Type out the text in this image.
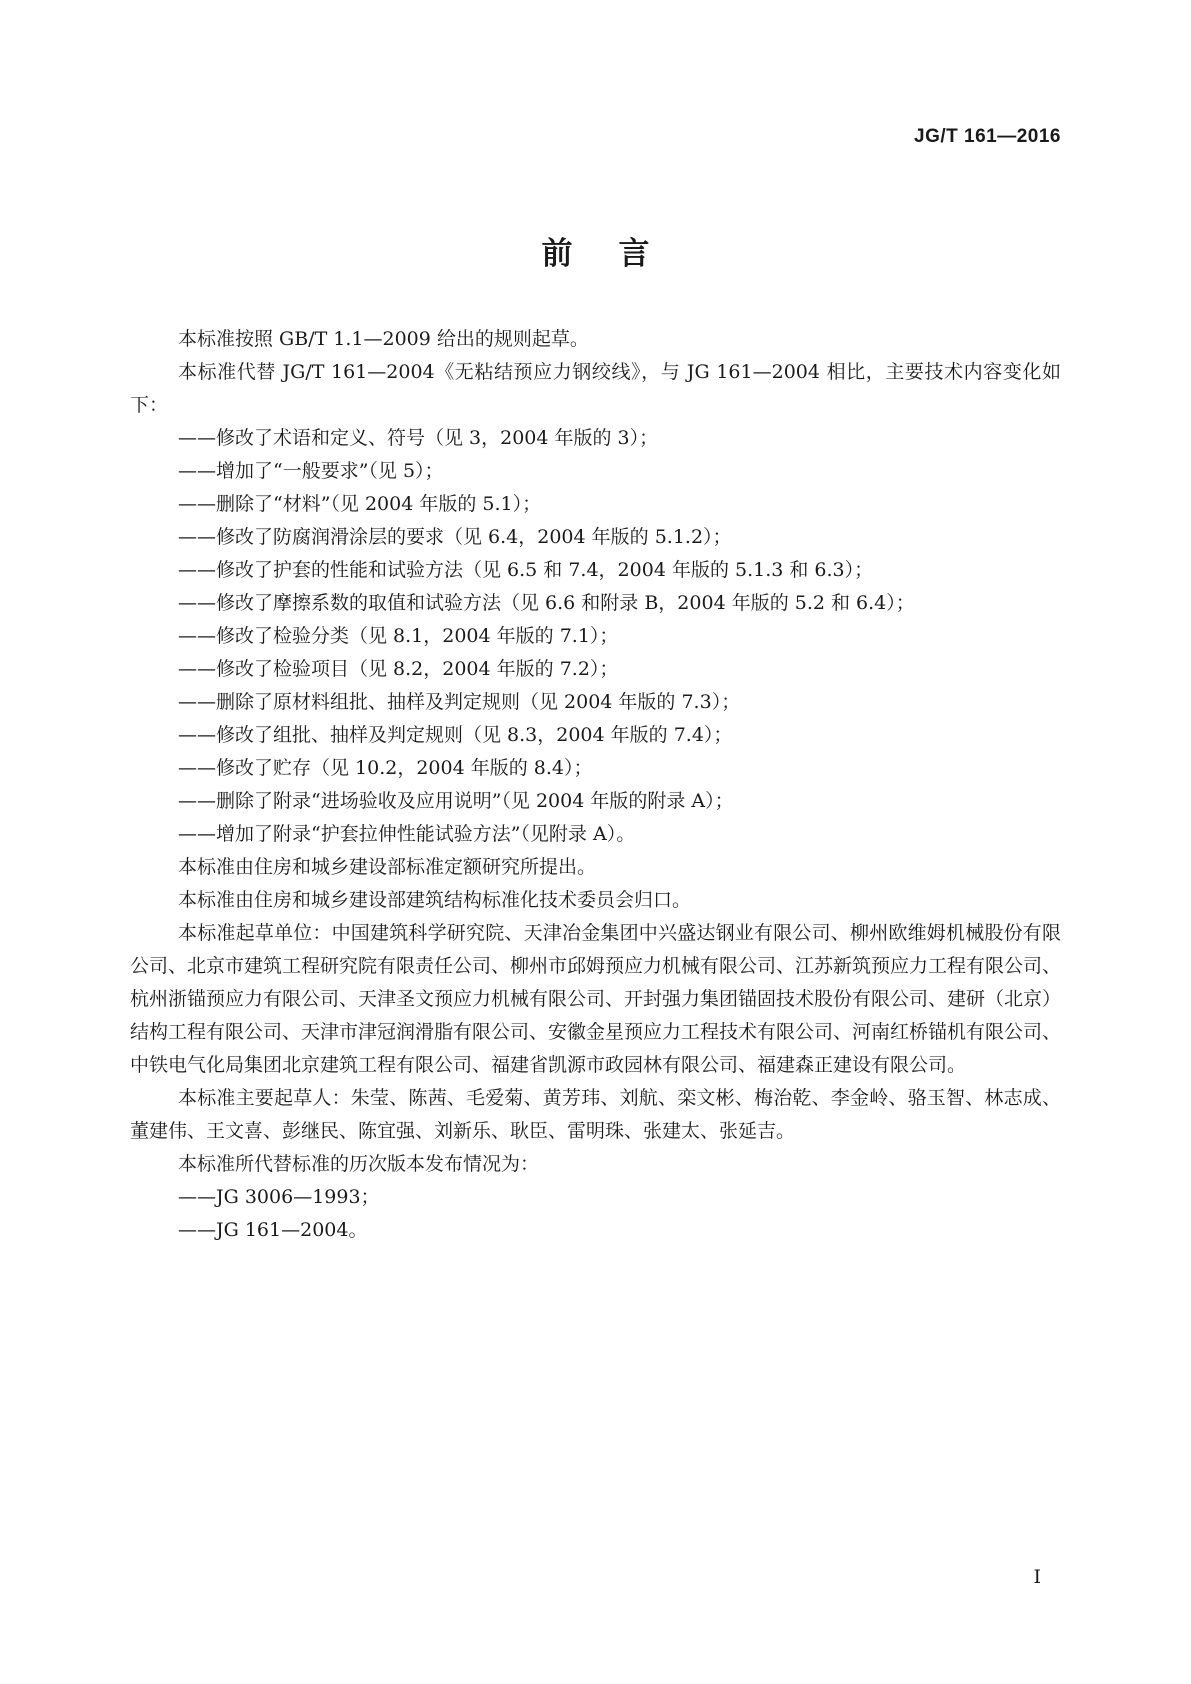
JG/T 161—2016
前言

本标准按照 GB/T 1.1—2009 给出的规则起草。

本标准代替 JG/T 161—2004《无粘结预应力钢绞线》，与 JG 161—2004 相比，主要技术内容变化如下：

——修改了术语和定义、符号（见 3，2004 年版的 3）；

——增加了“一般要求”（见 5）；

——删除了“材料”（见 2004 年版的 5.1）；

——修改了防腐润滑涂层的要求（见 6.4，2004 年版的 5.1.2）；

——修改了护套的性能和试验方法（见 6.5 和 7.4，2004 年版的 5.1.3 和 6.3）；

——修改了摩擦系数的取值和试验方法（见 6.6 和附录 B，2004 年版的 5.2 和 6.4）；

——修改了检验分类（见 8.1，2004 年版的 7.1）；

——修改了检验项目（见 8.2，2004 年版的 7.2）；

——删除了原材料组批、抽样及判定规则（见 2004 年版的 7.3）；

——修改了组批、抽样及判定规则（见 8.3，2004 年版的 7.4）；

——修改了贮存（见 10.2，2004 年版的 8.4）；

——删除了附录“进场验收及应用说明”（见 2004 年版的附录 A）；

——增加了附录“护套拉伸性能试验方法”（见附录 A）。

本标准由住房和城乡建设部标准定额研究所提出。

本标准由住房和城乡建设部建筑结构标准化技术委员会归口。

本标准起草单位：中国建筑科学研究院、天津冶金集团中兴盛达钢业有限公司、柳州欧维姆机械股份有限公司、北京市建筑工程研究院有限责任公司、柳州市邱姆预应力机械有限公司、江苏新筑预应力工程有限公司、杭州浙锚预应力有限公司、天津圣文预应力机械有限公司、开封强力集团锚固技术股份有限公司、建研（北京）结构工程有限公司、天津市津冠润滑脂有限公司、安徽金星预应力工程技术有限公司、河南红桥锚机有限公司、中铁电气化局集团北京建筑工程有限公司、福建省凯源市政园林有限公司、福建森正建设有限公司。

本标准主要起草人：朱莹、陈茜、毛爱菊、黄芳玮、刘航、栾文彬、梅治乾、李金岭、骆玉智、林志成、董建伟、王文喜、彭继民、陈宜强、刘新乐、耿臣、雷明珠、张建太、张延吉。

本标准所代替标准的历次版本发布情况为：

——JG 3006—1993；

——JG 161—2004。

I
